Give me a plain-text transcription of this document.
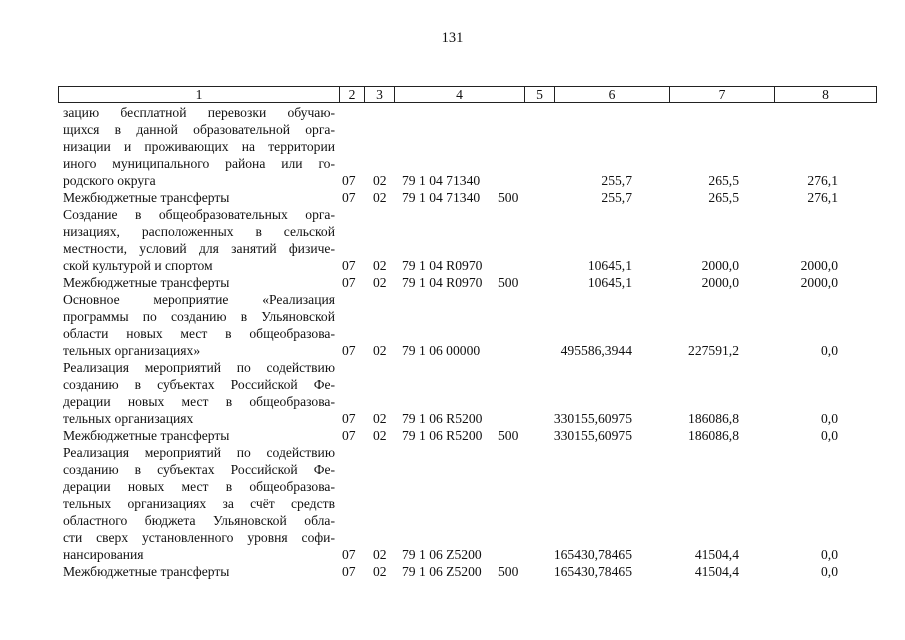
131
1	2	3	4	5	6	7	8
зацию бесплатной перевозки обучаю-
щихся в данной образовательной орга-
низации и проживающих на территории
иного муниципального района или го-
родского округа	07 02 79 1 04 71340	255,7	265,5	276,1
Межбюджетные трансферты	07 02 79 1 04 71340 500	255,7	265,5	276,1
Создание в общеобразовательных орга-
низациях, расположенных в сельской
местности, условий для занятий физиче-
ской культурой и спортом	07 02 79 1 04 R0970	10645,1	2000,0	2000,0
Межбюджетные трансферты	07 02 79 1 04 R0970 500	10645,1	2000,0	2000,0
Основное мероприятие «Реализация
программы по созданию в Ульяновской
области новых мест в общеобразова-
тельных организациях»	07 02 79 1 06 00000	495586,3944	227591,2	0,0
Реализация мероприятий по содействию
созданию в субъектах Российской Фе-
дерации новых мест в общеобразова-
тельных организациях	07 02 79 1 06 R5200	330155,60975	186086,8	0,0
Межбюджетные трансферты	07 02 79 1 06 R5200 500	330155,60975	186086,8	0,0
Реализация мероприятий по содействию
созданию в субъектах Российской Фе-
дерации новых мест в общеобразова-
тельных организациях за счёт средств
областного бюджета Ульяновской обла-
сти сверх установленного уровня софи-
нансирования	07 02 79 1 06 Z5200	165430,78465	41504,4	0,0
Межбюджетные трансферты	07 02 79 1 06 Z5200 500	165430,78465	41504,4	0,0
